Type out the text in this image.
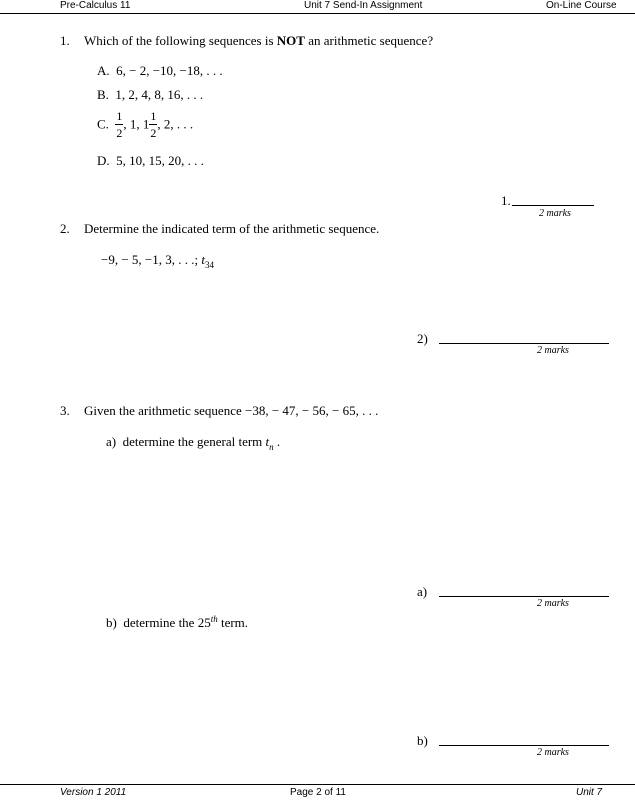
Pre-Calculus 11	Unit 7 Send-In Assignment	On-Line Course
1. Which of the following sequences is NOT an arithmetic sequence?
A. 6, − 2, −10, −18, . . .
B. 1, 2, 4, 8, 16, . . .
C. $\frac{1}{2}$ , 1, $1 \frac{1}{2}$ , 2, . . .
D. 5, 10, 15, 20, . . .
1.
2 marks
2. Determine the indicated term of the arithmetic sequence.
−9, − 5, −1, 3, . . .; $t_{34}$
2)
2 marks
3. Given the arithmetic sequence −38, − 47, − 56, − 65, . . .
a) determine the general term $t_n$ .
a)
2 marks
b) determine the 25th term.
b)
2 marks
Version 1 2011	Page 2 of 11	Unit 7
